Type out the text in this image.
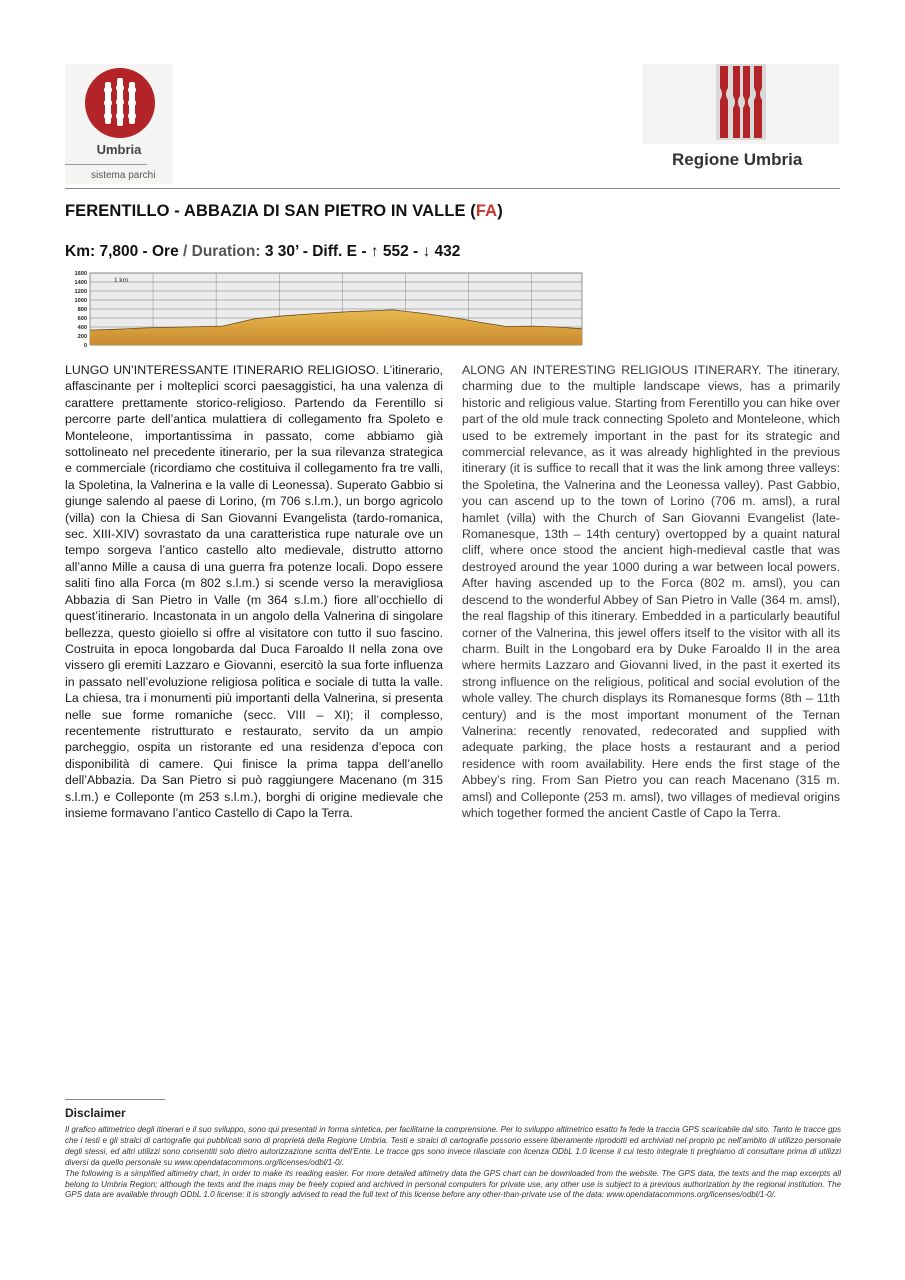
Umbria
sistema parchi
Regione Umbria
FERENTILLO - ABBAZIA DI SAN PIETRO IN VALLE (FA)
Km: 7,800 - Ore / Duration: 3 30’ - Diff. E - ↑ 552 - ↓ 432
1600
1400
1200
1000
800
600
400
200
0
1 km
LUNGO UN’INTERESSANTE ITINERARIO RELIGIOSO. L’itinerario, affascinante per i molteplici scorci paesaggistici, ha una valenza di carattere prettamente storico-religioso. Partendo da Ferentillo si percorre parte dell’antica mulattiera di collegamento fra Spoleto e Monteleone, importantissima in passato, come abbiamo già sottolineato nel precedente itinerario, per la sua rilevanza strategica e commerciale (ricordiamo che costituiva il collegamento fra tre valli, la Spoletina, la Valnerina e la valle di Leonessa). Superato Gabbio si giunge salendo al paese di Lorino, (m 706 s.l.m.), un borgo agricolo (villa) con la Chiesa di San Giovanni Evangelista (tardo-romanica, sec. XIII-XIV) sovrastato da una caratteristica rupe naturale ove un tempo sorgeva l’antico castello alto medievale, distrutto attorno all’anno Mille a causa di una guerra fra potenze locali. Dopo essere saliti fino alla Forca (m 802 s.l.m.) si scende verso la meravigliosa Abbazia di San Pietro in Valle (m 364 s.l.m.) fiore all’occhiello di quest’itinerario. Incastonata in un angolo della Valnerina di singolare bellezza, questo gioiello si offre al visitatore con tutto il suo fascino. Costruita in epoca longobarda dal Duca Faroaldo II nella zona ove vissero gli eremiti Lazzaro e Giovanni, esercitò la sua forte influenza in passato nell’evoluzione religiosa politica e sociale di tutta la valle. La chiesa, tra i monumenti più importanti della Valnerina, si presenta nelle sue forme romaniche (secc. VIII – XI); il complesso, recentemente ristrutturato e restaurato, servito da un ampio parcheggio, ospita un ristorante ed una residenza d’epoca con disponibilità di camere. Qui finisce la prima tappa dell’anello dell’Abbazia. Da San Pietro si può raggiungere Macenano (m 315 s.l.m.) e Colleponte (m 253 s.l.m.), borghi di origine medievale che insieme formavano l’antico Castello di Capo la Terra.
ALONG AN INTERESTING RELIGIOUS ITINERARY. The itinerary, charming due to the multiple landscape views, has a primarily historic and religious value. Starting from Ferentillo you can hike over part of the old mule track connecting Spoleto and Monteleone, which used to be extremely important in the past for its strategic and commercial relevance, as it was already highlighted in the previous itinerary (it is suffice to recall that it was the link among three valleys: the Spoletina, the Valnerina and the Leonessa valley). Past Gabbio, you can ascend up to the town of Lorino (706 m. amsl), a rural hamlet (villa) with the Church of San Giovanni Evangelist (late-Romanesque, 13th – 14th century) overtopped by a quaint natural cliff, where once stood the ancient high-medieval castle that was destroyed around the year 1000 during a war between local powers. After having ascended up to the Forca (802 m. amsl), you can descend to the wonderful Abbey of San Pietro in Valle (364 m. amsl), the real flagship of this itinerary. Embedded in a particularly beautiful corner of the Valnerina, this jewel offers itself to the visitor with all its charm. Built in the Longobard era by Duke Faroaldo II in the area where hermits Lazzaro and Giovanni lived, in the past it exerted its strong influence on the religious, political and social evolution of the whole valley. The church displays its Romanesque forms (8th – 11th century) and is the most important monument of the Ternan Valnerina: recently renovated, redecorated and supplied with adequate parking, the place hosts a restaurant and a period residence with room availability. Here ends the first stage of the Abbey’s ring. From San Pietro you can reach Macenano (315 m. amsl) and Colleponte (253 m. amsl), two villages of medieval origins which together formed the ancient Castle of Capo la Terra.
Disclaimer

Il grafico altimetrico degli itinerari e il suo sviluppo, sono qui presentati in forma sintetica, per facilitarne la comprensione. Per lo sviluppo altimetrico esatto fa fede la traccia GPS scaricabile dal sito. Tanto le tracce gps che i testi e gli stralci di cartografie qui pubblicati sono di proprietà della Regione Umbria. Testi e stralci di cartografie possono essere liberamente riprodotti ed archiviati nel proprio pc nell’ambito di utilizzo personale degli stessi, ed altri utilizzi sono consentiti solo dietro autorizzazione scritta dell’Ente. Le tracce gps sono invece rilasciate con licenza ODbL 1.0 license il cui testo integrale ti preghiamo di consultare prima di utilizzi diversi da quello personale su www.opendatacommons.org/licenses/odbl/1-0/.

The following is a simplified altimetry chart, in order to make its reading easier. For more detailed altimetry data the GPS chart can be downloaded from the website. The GPS data, the texts and the map excerpts all belong to Umbria Region; although the texts and the maps may be freely copied and archived in personal computers for private use, any other use is subject to a previous authorization by the regional institution. The GPS data are available through ODbL 1.0 license: it is strongly advised to read the full text of this license before any other-than-private use of the data: www.opendatacommons.org/licenses/odbl/1-0/.
